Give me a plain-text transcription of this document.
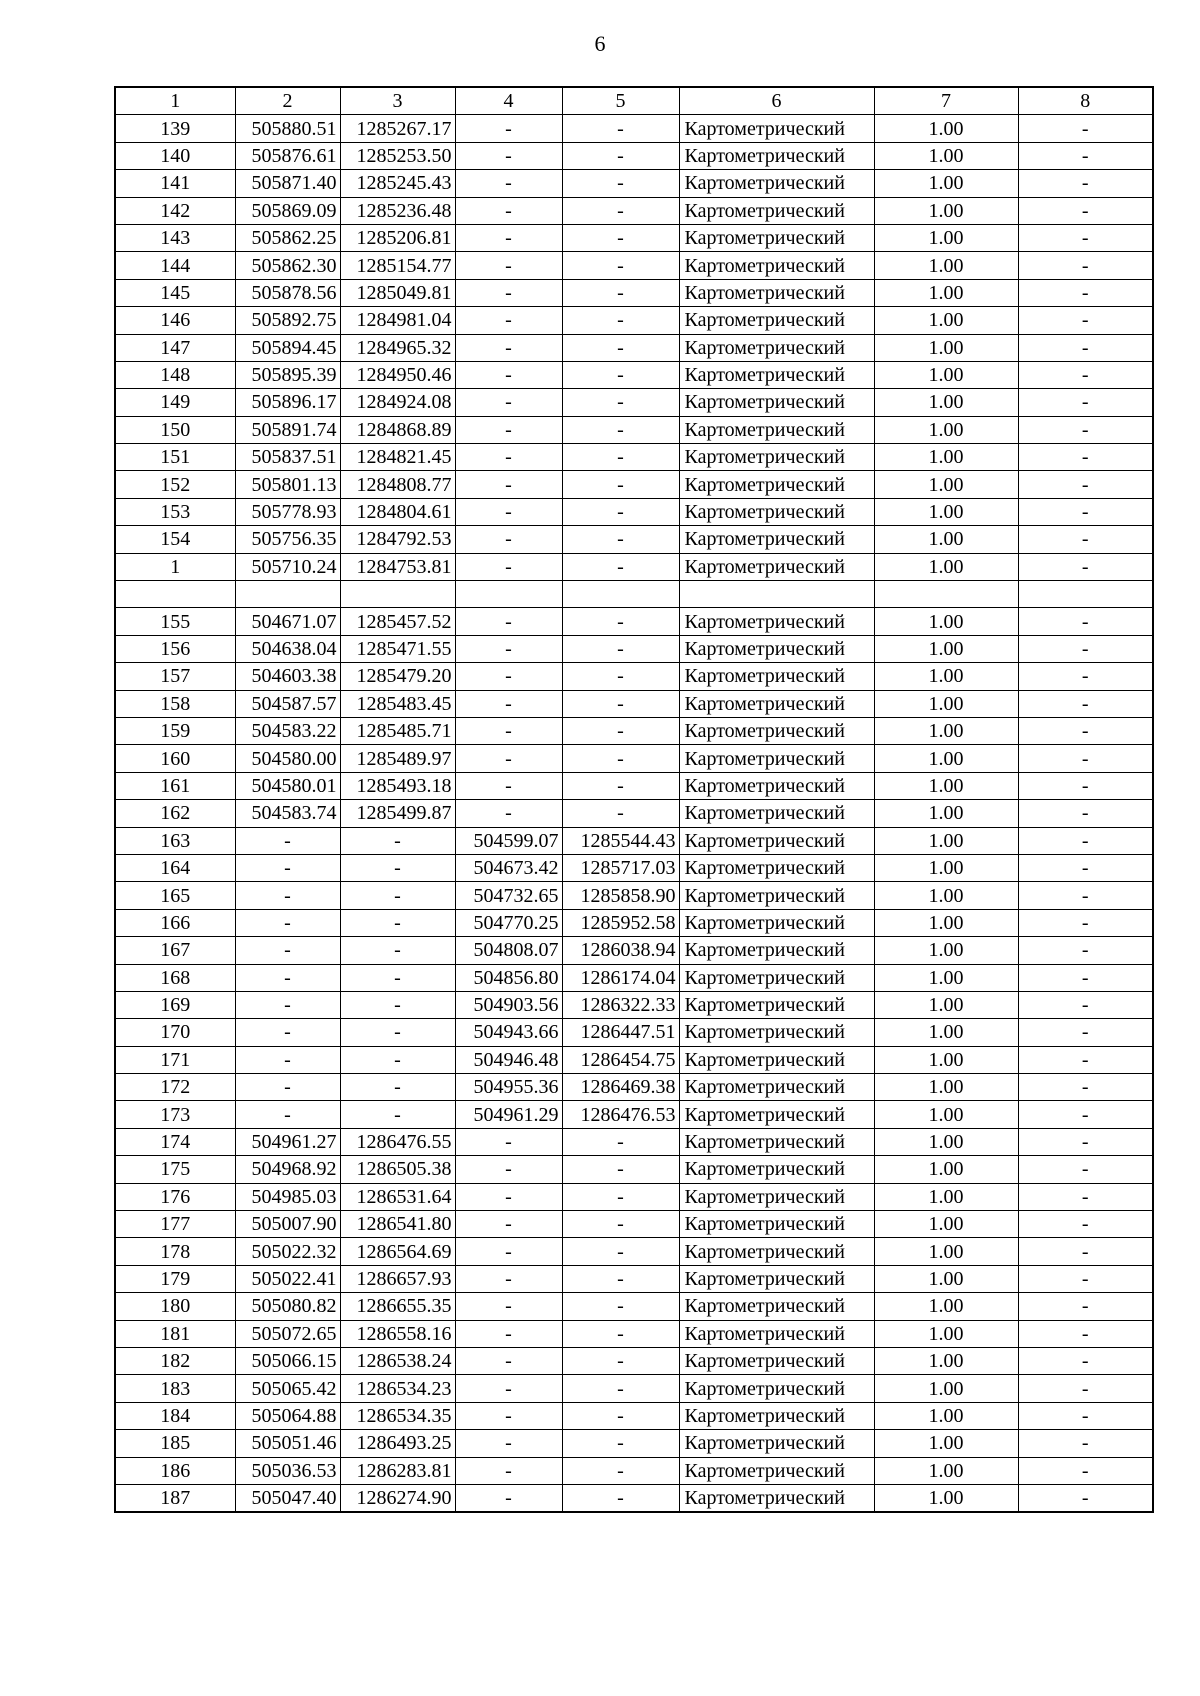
6
1	2	3	4	5	6	7	8
139	505880.51	1285267.17	-	-	Картометрический	1.00	-
140	505876.61	1285253.50	-	-	Картометрический	1.00	-
141	505871.40	1285245.43	-	-	Картометрический	1.00	-
142	505869.09	1285236.48	-	-	Картометрический	1.00	-
143	505862.25	1285206.81	-	-	Картометрический	1.00	-
144	505862.30	1285154.77	-	-	Картометрический	1.00	-
145	505878.56	1285049.81	-	-	Картометрический	1.00	-
146	505892.75	1284981.04	-	-	Картометрический	1.00	-
147	505894.45	1284965.32	-	-	Картометрический	1.00	-
148	505895.39	1284950.46	-	-	Картометрический	1.00	-
149	505896.17	1284924.08	-	-	Картометрический	1.00	-
150	505891.74	1284868.89	-	-	Картометрический	1.00	-
151	505837.51	1284821.45	-	-	Картометрический	1.00	-
152	505801.13	1284808.77	-	-	Картометрический	1.00	-
153	505778.93	1284804.61	-	-	Картометрический	1.00	-
154	505756.35	1284792.53	-	-	Картометрический	1.00	-
1	505710.24	1284753.81	-	-	Картометрический	1.00	-

155	504671.07	1285457.52	-	-	Картометрический	1.00	-
156	504638.04	1285471.55	-	-	Картометрический	1.00	-
157	504603.38	1285479.20	-	-	Картометрический	1.00	-
158	504587.57	1285483.45	-	-	Картометрический	1.00	-
159	504583.22	1285485.71	-	-	Картометрический	1.00	-
160	504580.00	1285489.97	-	-	Картометрический	1.00	-
161	504580.01	1285493.18	-	-	Картометрический	1.00	-
162	504583.74	1285499.87	-	-	Картометрический	1.00	-
163	-	-	504599.07	1285544.43	Картометрический	1.00	-
164	-	-	504673.42	1285717.03	Картометрический	1.00	-
165	-	-	504732.65	1285858.90	Картометрический	1.00	-
166	-	-	504770.25	1285952.58	Картометрический	1.00	-
167	-	-	504808.07	1286038.94	Картометрический	1.00	-
168	-	-	504856.80	1286174.04	Картометрический	1.00	-
169	-	-	504903.56	1286322.33	Картометрический	1.00	-
170	-	-	504943.66	1286447.51	Картометрический	1.00	-
171	-	-	504946.48	1286454.75	Картометрический	1.00	-
172	-	-	504955.36	1286469.38	Картометрический	1.00	-
173	-	-	504961.29	1286476.53	Картометрический	1.00	-
174	504961.27	1286476.55	-	-	Картометрический	1.00	-
175	504968.92	1286505.38	-	-	Картометрический	1.00	-
176	504985.03	1286531.64	-	-	Картометрический	1.00	-
177	505007.90	1286541.80	-	-	Картометрический	1.00	-
178	505022.32	1286564.69	-	-	Картометрический	1.00	-
179	505022.41	1286657.93	-	-	Картометрический	1.00	-
180	505080.82	1286655.35	-	-	Картометрический	1.00	-
181	505072.65	1286558.16	-	-	Картометрический	1.00	-
182	505066.15	1286538.24	-	-	Картометрический	1.00	-
183	505065.42	1286534.23	-	-	Картометрический	1.00	-
184	505064.88	1286534.35	-	-	Картометрический	1.00	-
185	505051.46	1286493.25	-	-	Картометрический	1.00	-
186	505036.53	1286283.81	-	-	Картометрический	1.00	-
187	505047.40	1286274.90	-	-	Картометрический	1.00	-
